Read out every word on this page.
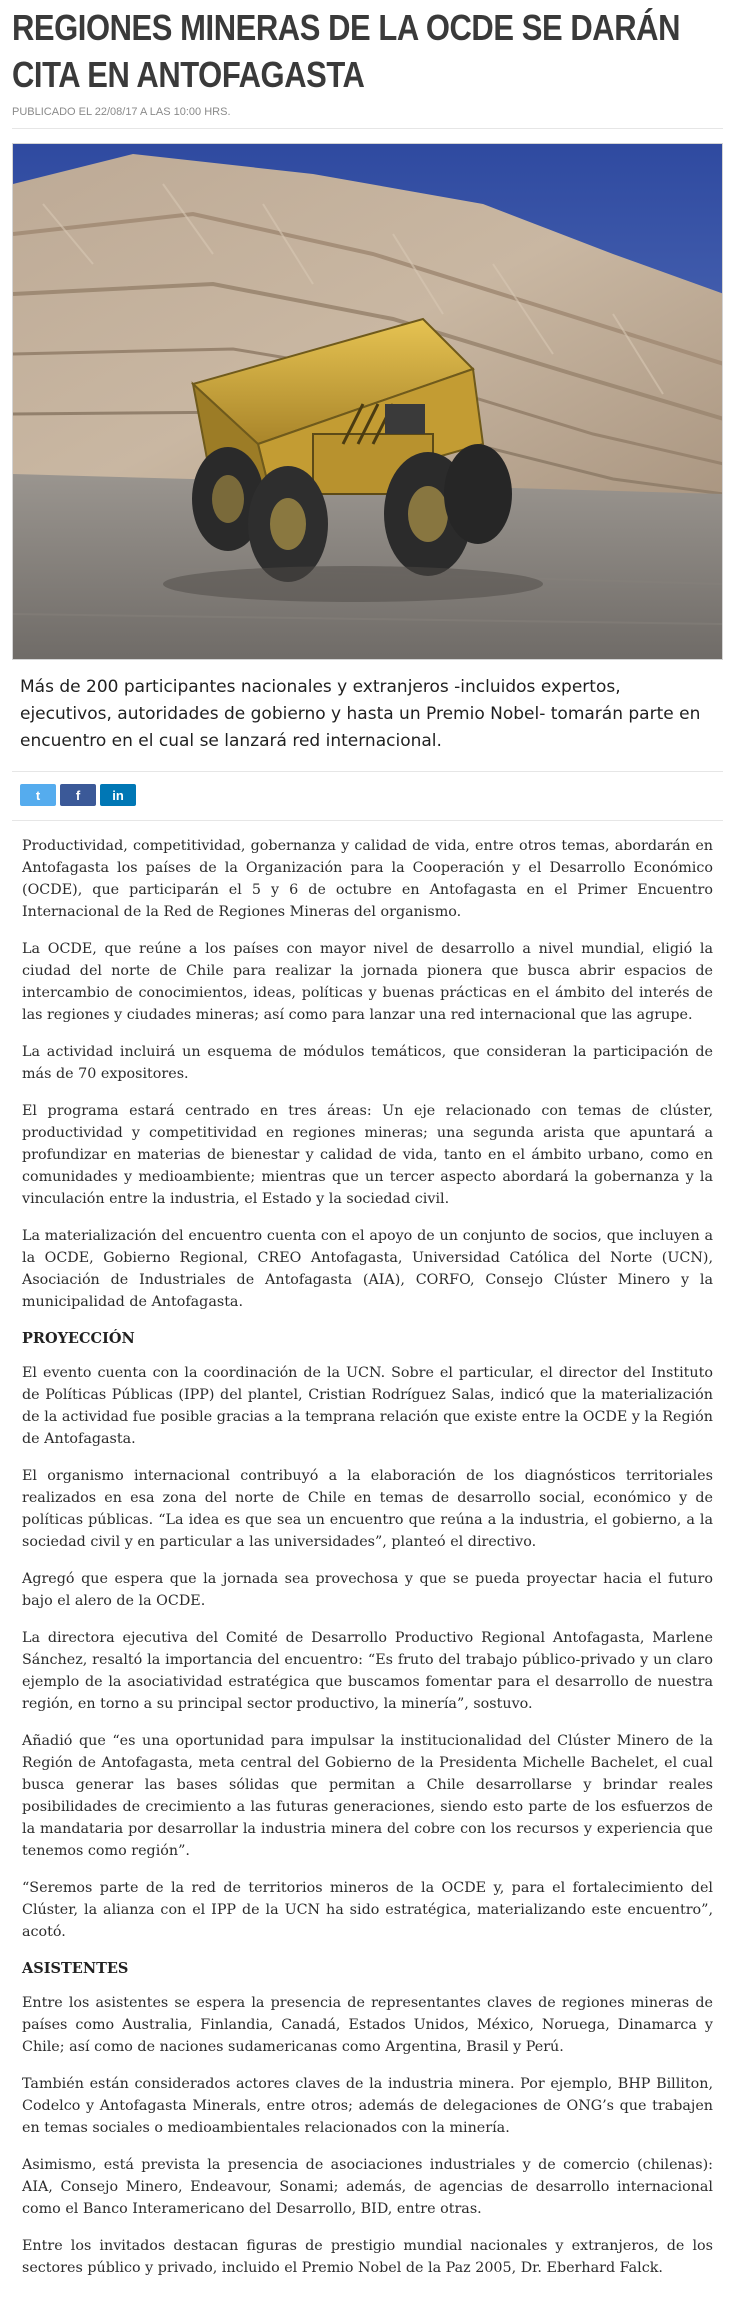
REGIONES MINERAS DE LA OCDE SE DARÁN CITA EN ANTOFAGASTA
PUBLICADO EL 22/08/17 A LAS 10:00 HRS.

Más de 200 participantes nacionales y extranjeros -incluidos expertos, ejecutivos, autoridades de gobierno y hasta un Premio Nobel- tomarán parte en encuentro en el cual se lanzará red internacional.

t	f in

Productividad, competitividad, gobernanza y calidad de vida, entre otros temas, abordarán en Antofagasta los países de la Organización para la Cooperación y el Desarrollo Económico (OCDE), que participarán el 5 y 6 de octubre en Antofagasta en el Primer Encuentro Internacional de la Red de Regiones Mineras del organismo.

La OCDE, que reúne a los países con mayor nivel de desarrollo a nivel mundial, eligió la ciudad del norte de Chile para realizar la jornada pionera que busca abrir espacios de intercambio de conocimientos, ideas, políticas y buenas prácticas en el ámbito del interés de las regiones y ciudades mineras; así como para lanzar una red internacional que las agrupe.

La actividad incluirá un esquema de módulos temáticos, que consideran la participación de más de 70 expositores.

El programa estará centrado en tres áreas: Un eje relacionado con temas de clúster, productividad y competitividad en regiones mineras; una segunda arista que apuntará a profundizar en materias de bienestar y calidad de vida, tanto en el ámbito urbano, como en comunidades y medioambiente; mientras que un tercer aspecto abordará la gobernanza y la vinculación entre la industria, el Estado y la sociedad civil.

La materialización del encuentro cuenta con el apoyo de un conjunto de socios, que incluyen a la OCDE, Gobierno Regional, CREO Antofagasta, Universidad Católica del Norte (UCN), Asociación de Industriales de Antofagasta (AIA), CORFO, Consejo Clúster Minero y la municipalidad de Antofagasta.

PROYECCIÓN

El evento cuenta con la coordinación de la UCN. Sobre el particular, el director del Instituto de Políticas Públicas (IPP) del plantel, Cristian Rodríguez Salas, indicó que la materialización de la actividad fue posible gracias a la temprana relación que existe entre la OCDE y la Región de Antofagasta.

El organismo internacional contribuyó a la elaboración de los diagnósticos territoriales realizados en esa zona del norte de Chile en temas de desarrollo social, económico y de políticas públicas. “La idea es que sea un encuentro que reúna a la industria, el gobierno, a la sociedad civil y en particular a las universidades”, planteó el directivo.

Agregó que espera que la jornada sea provechosa y que se pueda proyectar hacia el futuro bajo el alero de la OCDE.

La directora ejecutiva del Comité de Desarrollo Productivo Regional Antofagasta, Marlene Sánchez, resaltó la importancia del encuentro: “Es fruto del trabajo público-privado y un claro ejemplo de la asociatividad estratégica que buscamos fomentar para el desarrollo de nuestra región, en torno a su principal sector productivo, la minería”, sostuvo.

Añadió que “es una oportunidad para impulsar la institucionalidad del Clúster Minero de la Región de Antofagasta, meta central del Gobierno de la Presidenta Michelle Bachelet, el cual busca generar las bases sólidas que permitan a Chile desarrollarse y brindar reales posibilidades de crecimiento a las futuras generaciones, siendo esto parte de los esfuerzos de la mandataria por desarrollar la industria minera del cobre con los recursos y experiencia que tenemos como región”.

“Seremos parte de la red de territorios mineros de la OCDE y, para el fortalecimiento del Clúster, la alianza con el IPP de la UCN ha sido estratégica, materializando este encuentro”, acotó.

ASISTENTES

Entre los asistentes se espera la presencia de representantes claves de regiones mineras de países como Australia, Finlandia, Canadá, Estados Unidos, México, Noruega, Dinamarca y Chile; así como de naciones sudamericanas como Argentina, Brasil y Perú.

También están considerados actores claves de la industria minera. Por ejemplo, BHP Billiton, Codelco y Antofagasta Minerals, entre otros; además de delegaciones de ONG’s que trabajen en temas sociales o medioambientales relacionados con la minería.

Asimismo, está prevista la presencia de asociaciones industriales y de comercio (chilenas): AIA, Consejo Minero, Endeavour, Sonami; además, de agencias de desarrollo internacional como el Banco Interamericano del Desarrollo, BID, entre otras.

Entre los invitados destacan figuras de prestigio mundial nacionales y extranjeros, de los sectores público y privado, incluido el Premio Nobel de la Paz 2005, Dr. Eberhard Falck.
